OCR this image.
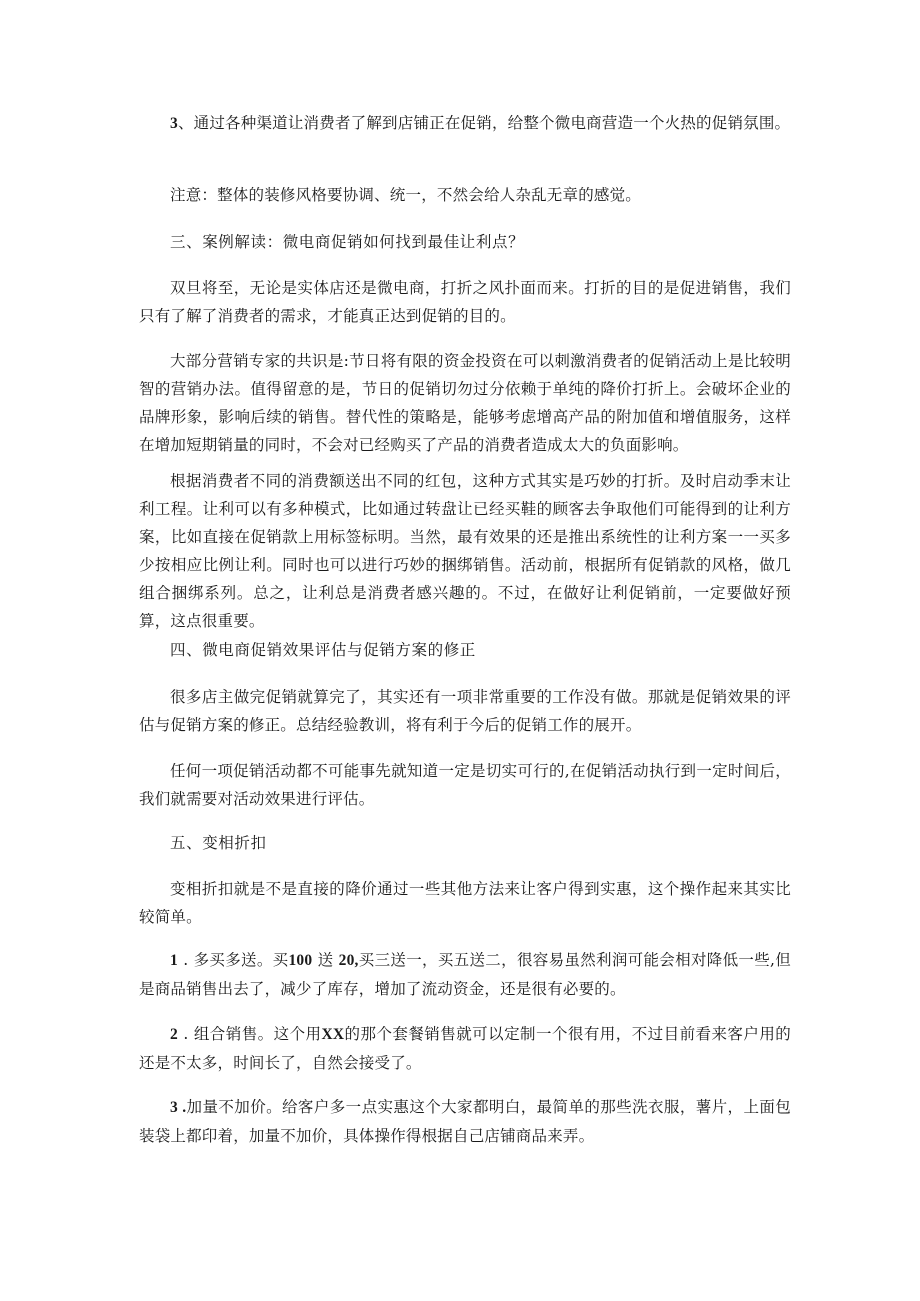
3、通过各种渠道让消费者了解到店铺正在促销，给整个微电商营造一个火热的促销氛围。

注意：整体的装修风格要协调、统一，不然会给人杂乱无章的感觉。

三、案例解读：微电商促销如何找到最佳让利点？

双旦将至，无论是实体店还是微电商，打折之风扑面而来。打折的目的是促进销售，我们只有了解了消费者的需求，才能真正达到促销的目的。

大部分营销专家的共识是:节日将有限的资金投资在可以刺激消费者的促销活动上是比较明智的营销办法。值得留意的是，节日的促销切勿过分依赖于单纯的降价打折上。会破坏企业的品牌形象，影响后续的销售。替代性的策略是，能够考虑增高产品的附加值和增值服务，这样在增加短期销量的同时，不会对已经购买了产品的消费者造成太大的负面影响。

根据消费者不同的消费额送出不同的红包，这种方式其实是巧妙的打折。及时启动季末让利工程。让利可以有多种模式，比如通过转盘让已经买鞋的顾客去争取他们可能得到的让利方案，比如直接在促销款上用标签标明。当然，最有效果的还是推出系统性的让利方案一一买多少按相应比例让利。同时也可以进行巧妙的捆绑销售。活动前，根据所有促销款的风格，做几组合捆绑系列。总之，让利总是消费者感兴趣的。不过，在做好让利促销前，一定要做好预算，这点很重要。

四、微电商促销效果评估与促销方案的修正

很多店主做完促销就算完了，其实还有一项非常重要的工作没有做。那就是促销效果的评估与促销方案的修正。总结经验教训，将有利于今后的促销工作的展开。

任何一项促销活动都不可能事先就知道一定是切实可行的,在促销活动执行到一定时间后，我们就需要对活动效果进行评估。

五、变相折扣

变相折扣就是不是直接的降价通过一些其他方法来让客户得到实惠，这个操作起来其实比较简单。

1 . 多买多送。买100 送 20,买三送一，买五送二，很容易虽然利润可能会相对降低一些,但是商品销售出去了，减少了库存，增加了流动资金，还是很有必要的。

2 . 组合销售。这个用XX的那个套餐销售就可以定制一个很有用，不过目前看来客户用的还是不太多，时间长了，自然会接受了。

3 .加量不加价。给客户多一点实惠这个大家都明白，最简单的那些洗衣服，薯片，上面包装袋上都印着，加量不加价，具体操作得根据自己店铺商品来弄。
